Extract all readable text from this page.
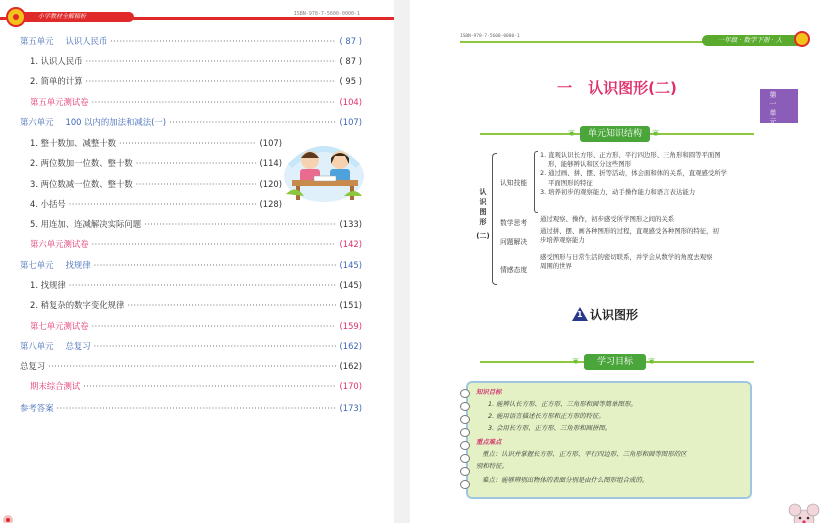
小学教材全解精析	ISBN-978-7-5600-0000-1
第五单元 认识人民币 ·····	( 87 )
1. 认识人民币 ·····	( 87 )
2. 简单的计算 ·····	( 95 )
第五单元测试卷 ·····	(104)
第六单元 100 以内的加法和减法(一) ·····	(107)
1. 整十数加、减整十数 ·····	(107)
2. 两位数加一位数、整十数 ·····	(114)
3. 两位数减一位数、整十数 ·····	(120)
4. 小括号 ·····	(128)
5. 用连加、连减解决实际问题 ·····	(133)
第六单元测试卷 ·····	(142)
第七单元 找规律 ·····	(145)
1. 找规律 ·····	(145)
2. 稍复杂的数字变化规律 ·····	(151)
第七单元测试卷 ·····	(159)
第八单元 总复习 ·····	(162)
总复习 ·····	(162)
期末综合测试 ·····	(170)
参考答案 ·····	(173)
ISBN-978-7-5600-0000-1	一年级 · 数学下册 · 人
一 认识图形(二)	第
一
单
元
单元知识结构
❦	❦
认
识
图
形
(二)
认知技能
1. 直观认识长方形、正方形、平行四边形、三角形和圆等平面图
形，能够辨认和区分这些图形
2. 通过画、拼、摆、折等活动，体会面和体的关系，直观感受所学
平面图形的特征
3. 培养初步的观察能力，动手操作能力和语言表达能力
数学思考 通过观察、操作，初步感受所学图形之间的关系
问题解决
通过拼、摆、画各种图形的过程，直观感受各种图形的特征，初
步培养观察能力
情感态度
感受图形与日常生活的密切联系，并学会从数学的角度去观察
周围的世界
1 认识图形
学习目标
❦	❦
知识目标
1. 能辨认长方形、正方形、三角形和圆等简单图形。
2. 能用语言描述长方形和正方形的特征。
3. 会用长方形、正方形、三角形和圆拼图。
重点难点
重点：认识并掌握长方形、正方形、平行四边形、三角形和圆等图形的区
别和特征。
难点：能够辨别出物体的表面分别是由什么图形组合成的。
